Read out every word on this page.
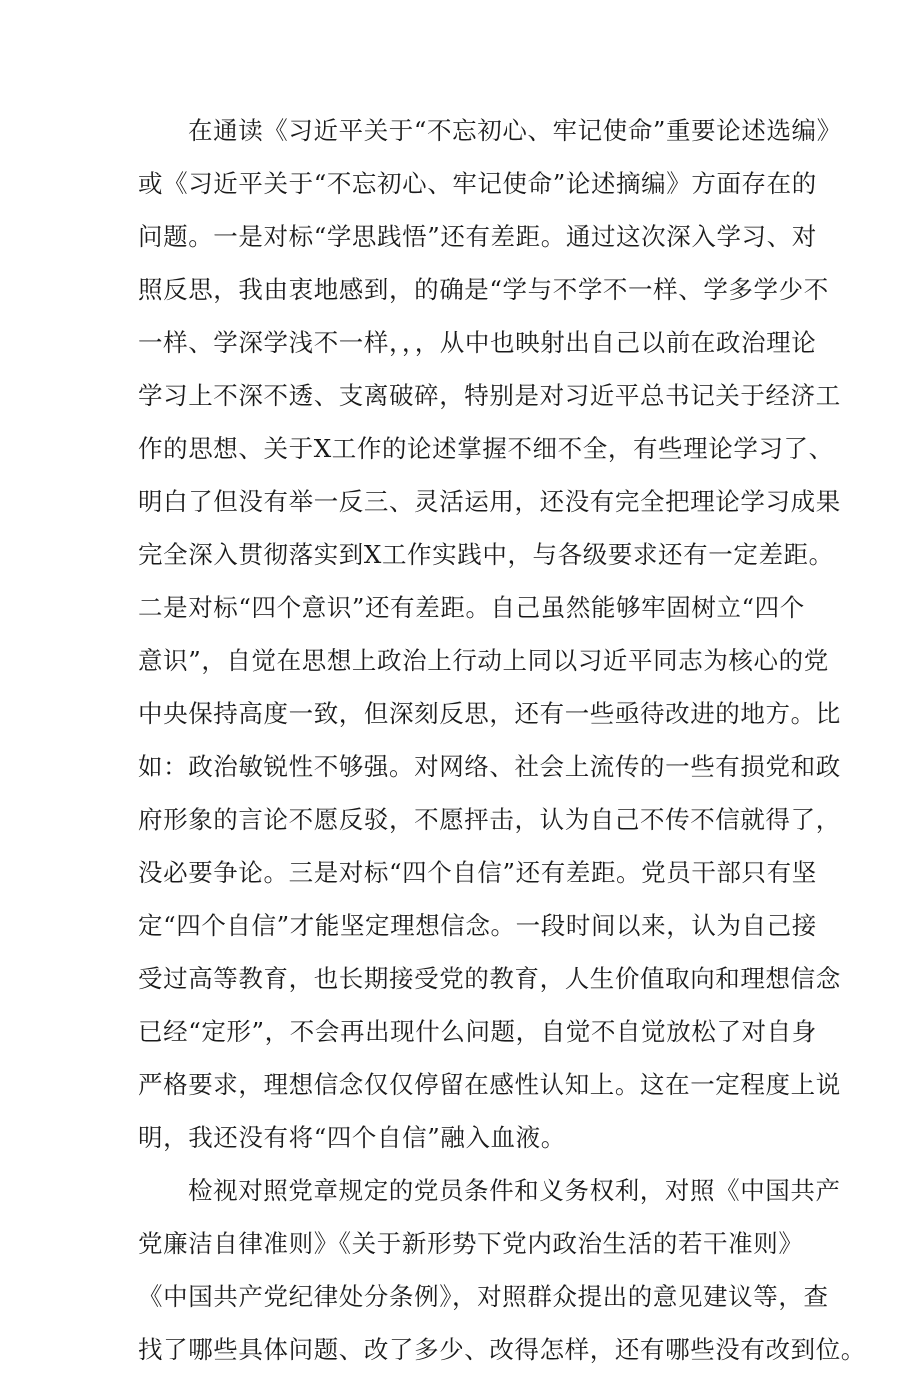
在通读《习近平关于“不忘初心、牢记使命”重要论述选编》
或《习近平关于“不忘初心、牢记使命”论述摘编》方面存在的
问题。一是对标“学思践悟”还有差距。通过这次深入学习、对
照反思，我由衷地感到，的确是“学与不学不一样、学多学少不
一样、学深学浅不一样，，，从中也映射出自己以前在政治理论
学习上不深不透、支离破碎，特别是对习近平总书记关于经济工
作的思想、关于X工作的论述掌握不细不全，有些理论学习了、
明白了但没有举一反三、灵活运用，还没有完全把理论学习成果
完全深入贯彻落实到X工作实践中，与各级要求还有一定差距。
二是对标“四个意识”还有差距。自己虽然能够牢固树立“四个
意识”，自觉在思想上政治上行动上同以习近平同志为核心的党
中央保持高度一致，但深刻反思，还有一些亟待改进的地方。比
如：政治敏锐性不够强。对网络、社会上流传的一些有损党和政
府形象的言论不愿反驳，不愿抨击，认为自己不传不信就得了，
没必要争论。三是对标“四个自信”还有差距。党员干部只有坚
定“四个自信”才能坚定理想信念。一段时间以来，认为自己接
受过高等教育，也长期接受党的教育，人生价值取向和理想信念
已经“定形”，不会再出现什么问题，自觉不自觉放松了对自身
严格要求，理想信念仅仅停留在感性认知上。这在一定程度上说
明，我还没有将“四个自信”融入血液。
检视对照党章规定的党员条件和义务权利，对照《中国共产
党廉洁自律准则》《关于新形势下党内政治生活的若干准则》
《中国共产党纪律处分条例》，对照群众提出的意见建议等，查
找了哪些具体问题、改了多少、改得怎样，还有哪些没有改到位。
